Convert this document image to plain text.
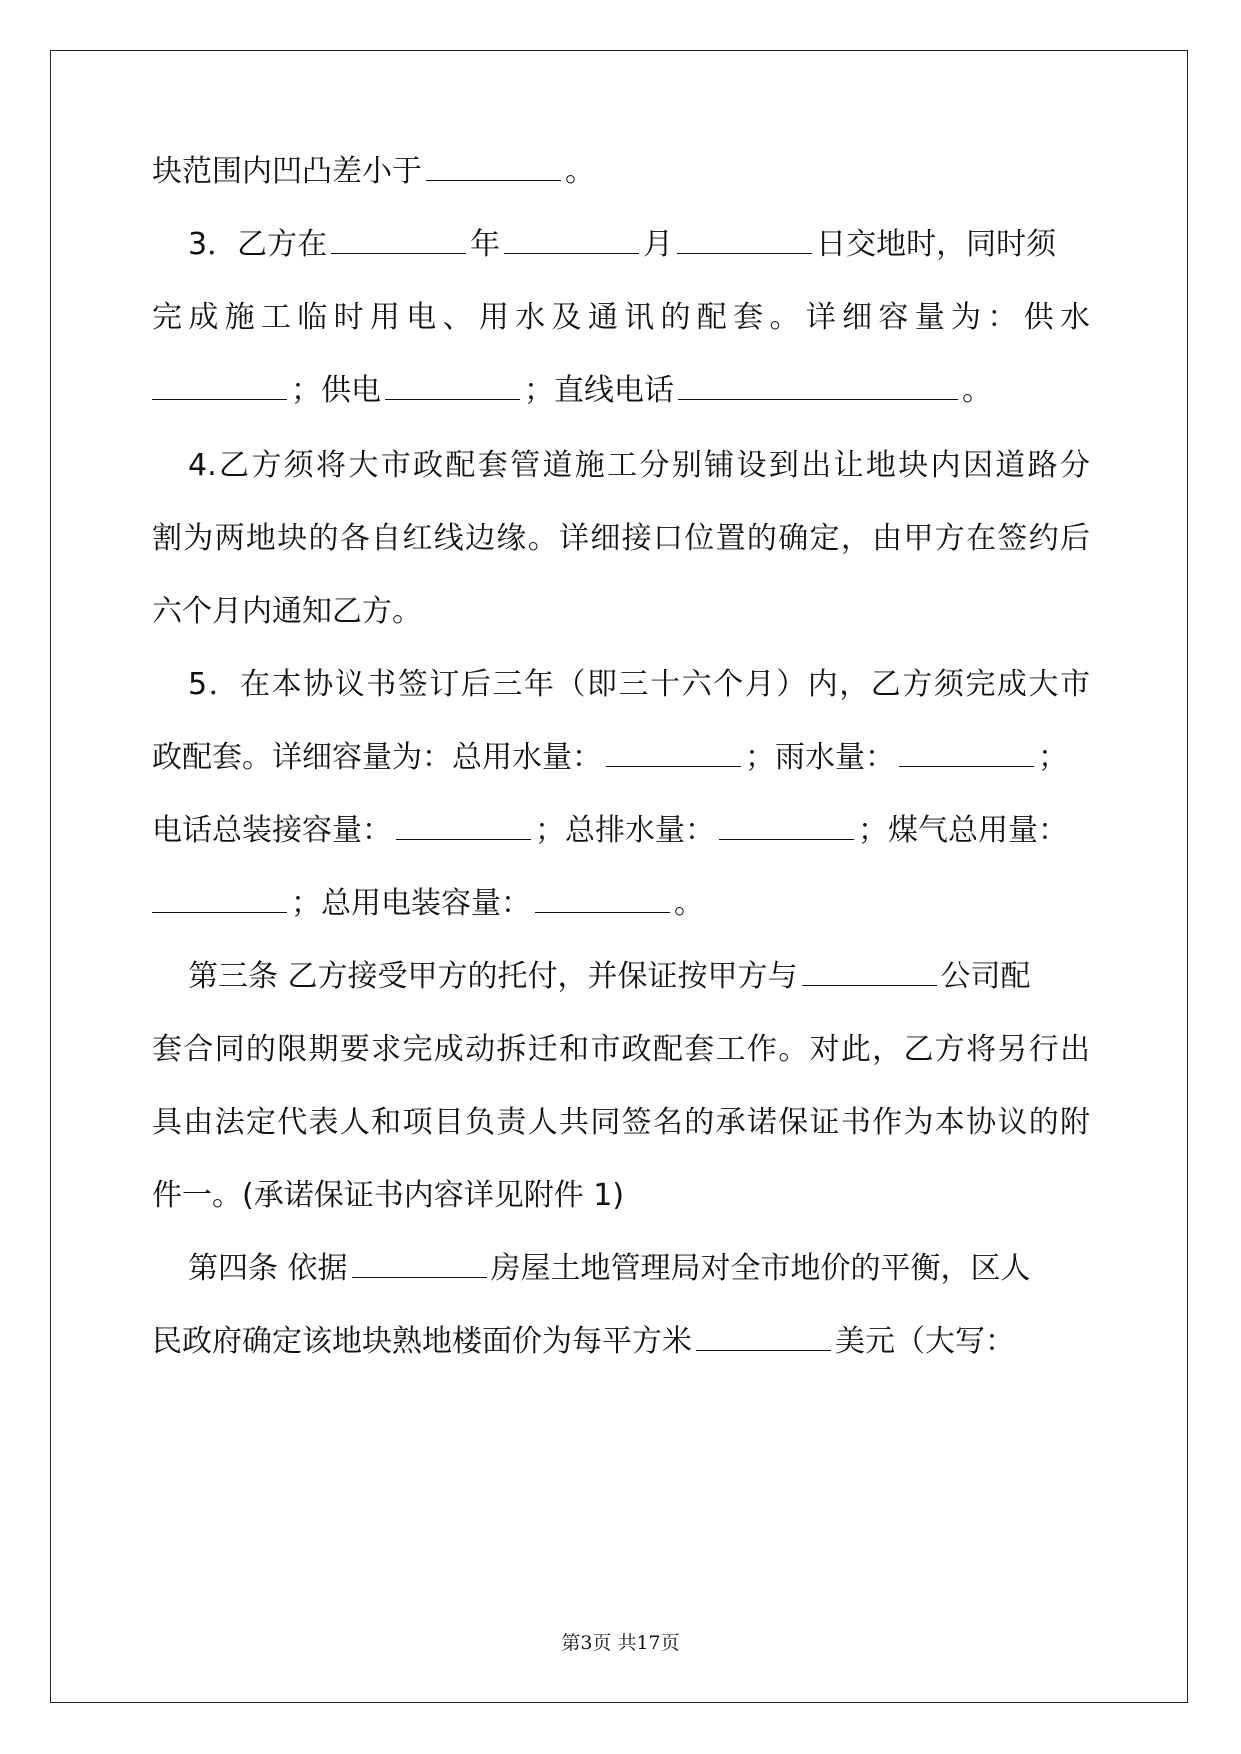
块范围内凹凸差小于	。
3．乙方在	年	月	日交地时，同时须
完成施工临时用电、用水及通讯的配套。详细容量为：供水
；供电	；直线电话	。
4.乙方须将大市政配套管道施工分别铺设到出让地块内因道路分
割为两地块的各自红线边缘。详细接口位置的确定，由甲方在签约后
六个月内通知乙方。
5．在本协议书签订后三年（即三十六个月）内，乙方须完成大市
政配套。详细容量为：总用水量：	；雨水量：	；
电话总装接容量：	；总排水量：	；煤气总用量：
；总用电装容量：	。
第三条 乙方接受甲方的托付，并保证按甲方与	公司配
套合同的限期要求完成动拆迁和市政配套工作。对此，乙方将另行出
具由法定代表人和项目负责人共同签名的承诺保证书作为本协议的附
件一。(承诺保证书内容详见附件 1)
第四条 依据	房屋土地管理局对全市地价的平衡，区人
民政府确定该地块熟地楼面价为每平方米	美元（大写：
第3页 共17页
